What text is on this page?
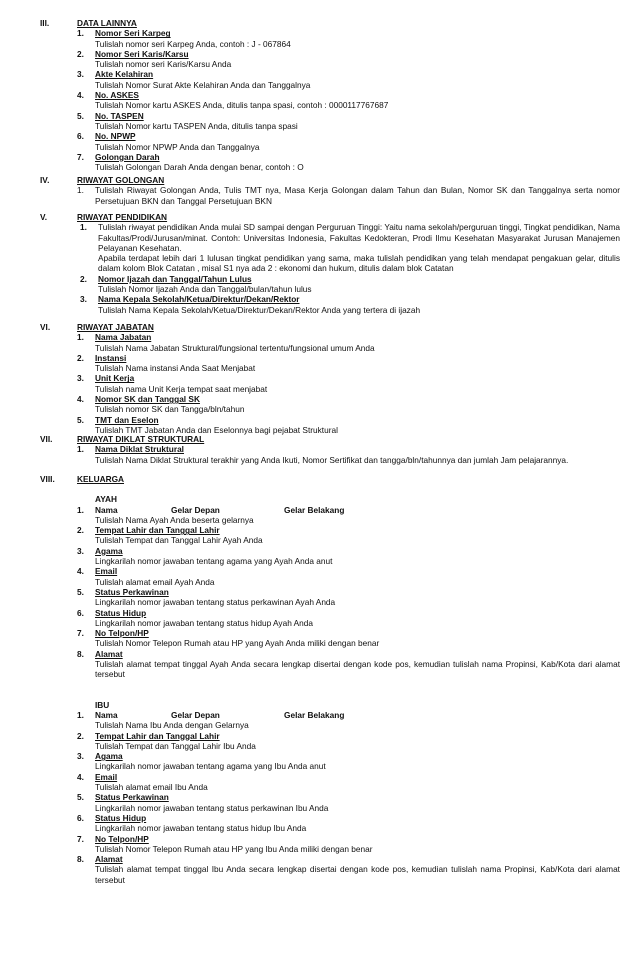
III.	DATA LAINNYA
1. Nomor Seri Karpeg
Tulislah nomor seri Karpeg Anda, contoh : J - 067864
2. Nomor Seri Karis/Karsu
Tulislah nomor seri Karis/Karsu Anda
3. Akte Kelahiran
Tulislah Nomor Surat Akte Kelahiran Anda dan Tanggalnya
4. No. ASKES
Tulislah Nomor kartu ASKES Anda, ditulis tanpa spasi, contoh : 0000117767687
5. No. TASPEN
Tulislah Nomor kartu TASPEN Anda, ditulis tanpa spasi
6. No. NPWP
Tulislah Nomor NPWP Anda dan Tanggalnya
7. Golongan Darah
Tulislah Golongan Darah Anda dengan benar, contoh : O
IV.	RIWAYAT GOLONGAN
1. Tulislah Riwayat Golongan Anda, Tulis TMT nya, Masa Kerja Golongan dalam Tahun dan Bulan, Nomor SK dan Tanggalnya serta nomor Persetujuan BKN dan Tanggal Persetujuan BKN
V.	RIWAYAT PENDIDIKAN
1. Tulislah riwayat pendidikan Anda mulai SD sampai dengan Perguruan Tinggi: Yaitu nama sekolah/perguruan tinggi, Tingkat pendidikan, Nama Fakultas/Prodi/Jurusan/minat. Contoh: Universitas Indonesia, Fakultas Kedokteran, Prodi Ilmu Kesehatan Masyarakat Jurusan Manajemen Pelayanan Kesehatan.
Apabila terdapat lebih dari 1 lulusan tingkat pendidikan yang sama, maka tulislah pendidikan yang telah mendapat pengakuan gelar, ditulis dalam kolom Blok Catatan , misal S1 nya ada 2 : ekonomi dan hukum, ditulis dalam blok Catatan
2. Nomor Ijazah dan Tanggal/Tahun Lulus
Tulislah Nomor Ijazah Anda dan Tanggal/bulan/tahun lulus
3. Nama Kepala Sekolah/Ketua/Direktur/Dekan/Rektor
Tulislah Nama Kepala Sekolah/Ketua/Direktur/Dekan/Rektor Anda yang tertera di ijazah
VI.	RIWAYAT JABATAN
1. Nama Jabatan
Tulislah Nama Jabatan Struktural/fungsional tertentu/fungsional umum Anda
2. Instansi
Tulislah Nama instansi Anda Saat Menjabat
3. Unit Kerja
Tulislah nama Unit Kerja tempat saat menjabat
4. Nomor SK dan Tanggal SK
Tulislah nomor SK dan Tangga/bln/tahun
5. TMT dan Eselon
Tulislah TMT Jabatan Anda dan Eselonnya bagi pejabat Struktural
VII.	RIWAYAT DIKLAT STRUKTURAL
1. Nama Diklat Struktural
Tulislah Nama Diklat Struktural terakhir yang Anda Ikuti, Nomor Sertifikat dan tangga/bln/tahunnya dan jumlah Jam pelajarannya.
VIII.	KELUARGA
AYAH
1. Nama	Gelar Depan	Gelar Belakang
Tulislah Nama Ayah Anda beserta gelarnya
2. Tempat Lahir dan Tanggal Lahir
Tulislah Tempat dan Tanggal Lahir Ayah Anda
3. Agama
Lingkarilah nomor jawaban tentang agama yang Ayah Anda anut
4. Email
Tulislah alamat email Ayah Anda
5. Status Perkawinan
Lingkarilah nomor jawaban tentang status perkawinan Ayah Anda
6. Status Hidup
Lingkarilah nomor jawaban tentang status hidup Ayah Anda
7. No Telpon/HP
Tulislah Nomor Telepon Rumah atau HP yang Ayah Anda miliki dengan benar
8. Alamat
Tulislah alamat tempat tinggal Ayah Anda secara lengkap disertai dengan kode pos, kemudian tulislah nama Propinsi, Kab/Kota dari alamat tersebut
IBU
1. Nama	Gelar Depan	Gelar Belakang
Tulislah Nama Ibu Anda dengan Gelarnya
2. Tempat Lahir dan Tanggal Lahir
Tulislah Tempat dan Tanggal Lahir Ibu Anda
3. Agama
Lingkarilah nomor jawaban tentang agama yang Ibu Anda anut
4. Email
Tulislah alamat email Ibu Anda
5. Status Perkawinan
Lingkarilah nomor jawaban tentang status perkawinan Ibu Anda
6. Status Hidup
Lingkarilah nomor jawaban tentang status hidup Ibu Anda
7. No Telpon/HP
Tulislah Nomor Telepon Rumah atau HP yang Ibu Anda miliki dengan benar
8. Alamat
Tulislah alamat tempat tinggal Ibu Anda secara lengkap disertai dengan kode pos, kemudian tulislah nama Propinsi, Kab/Kota dari alamat tersebut
